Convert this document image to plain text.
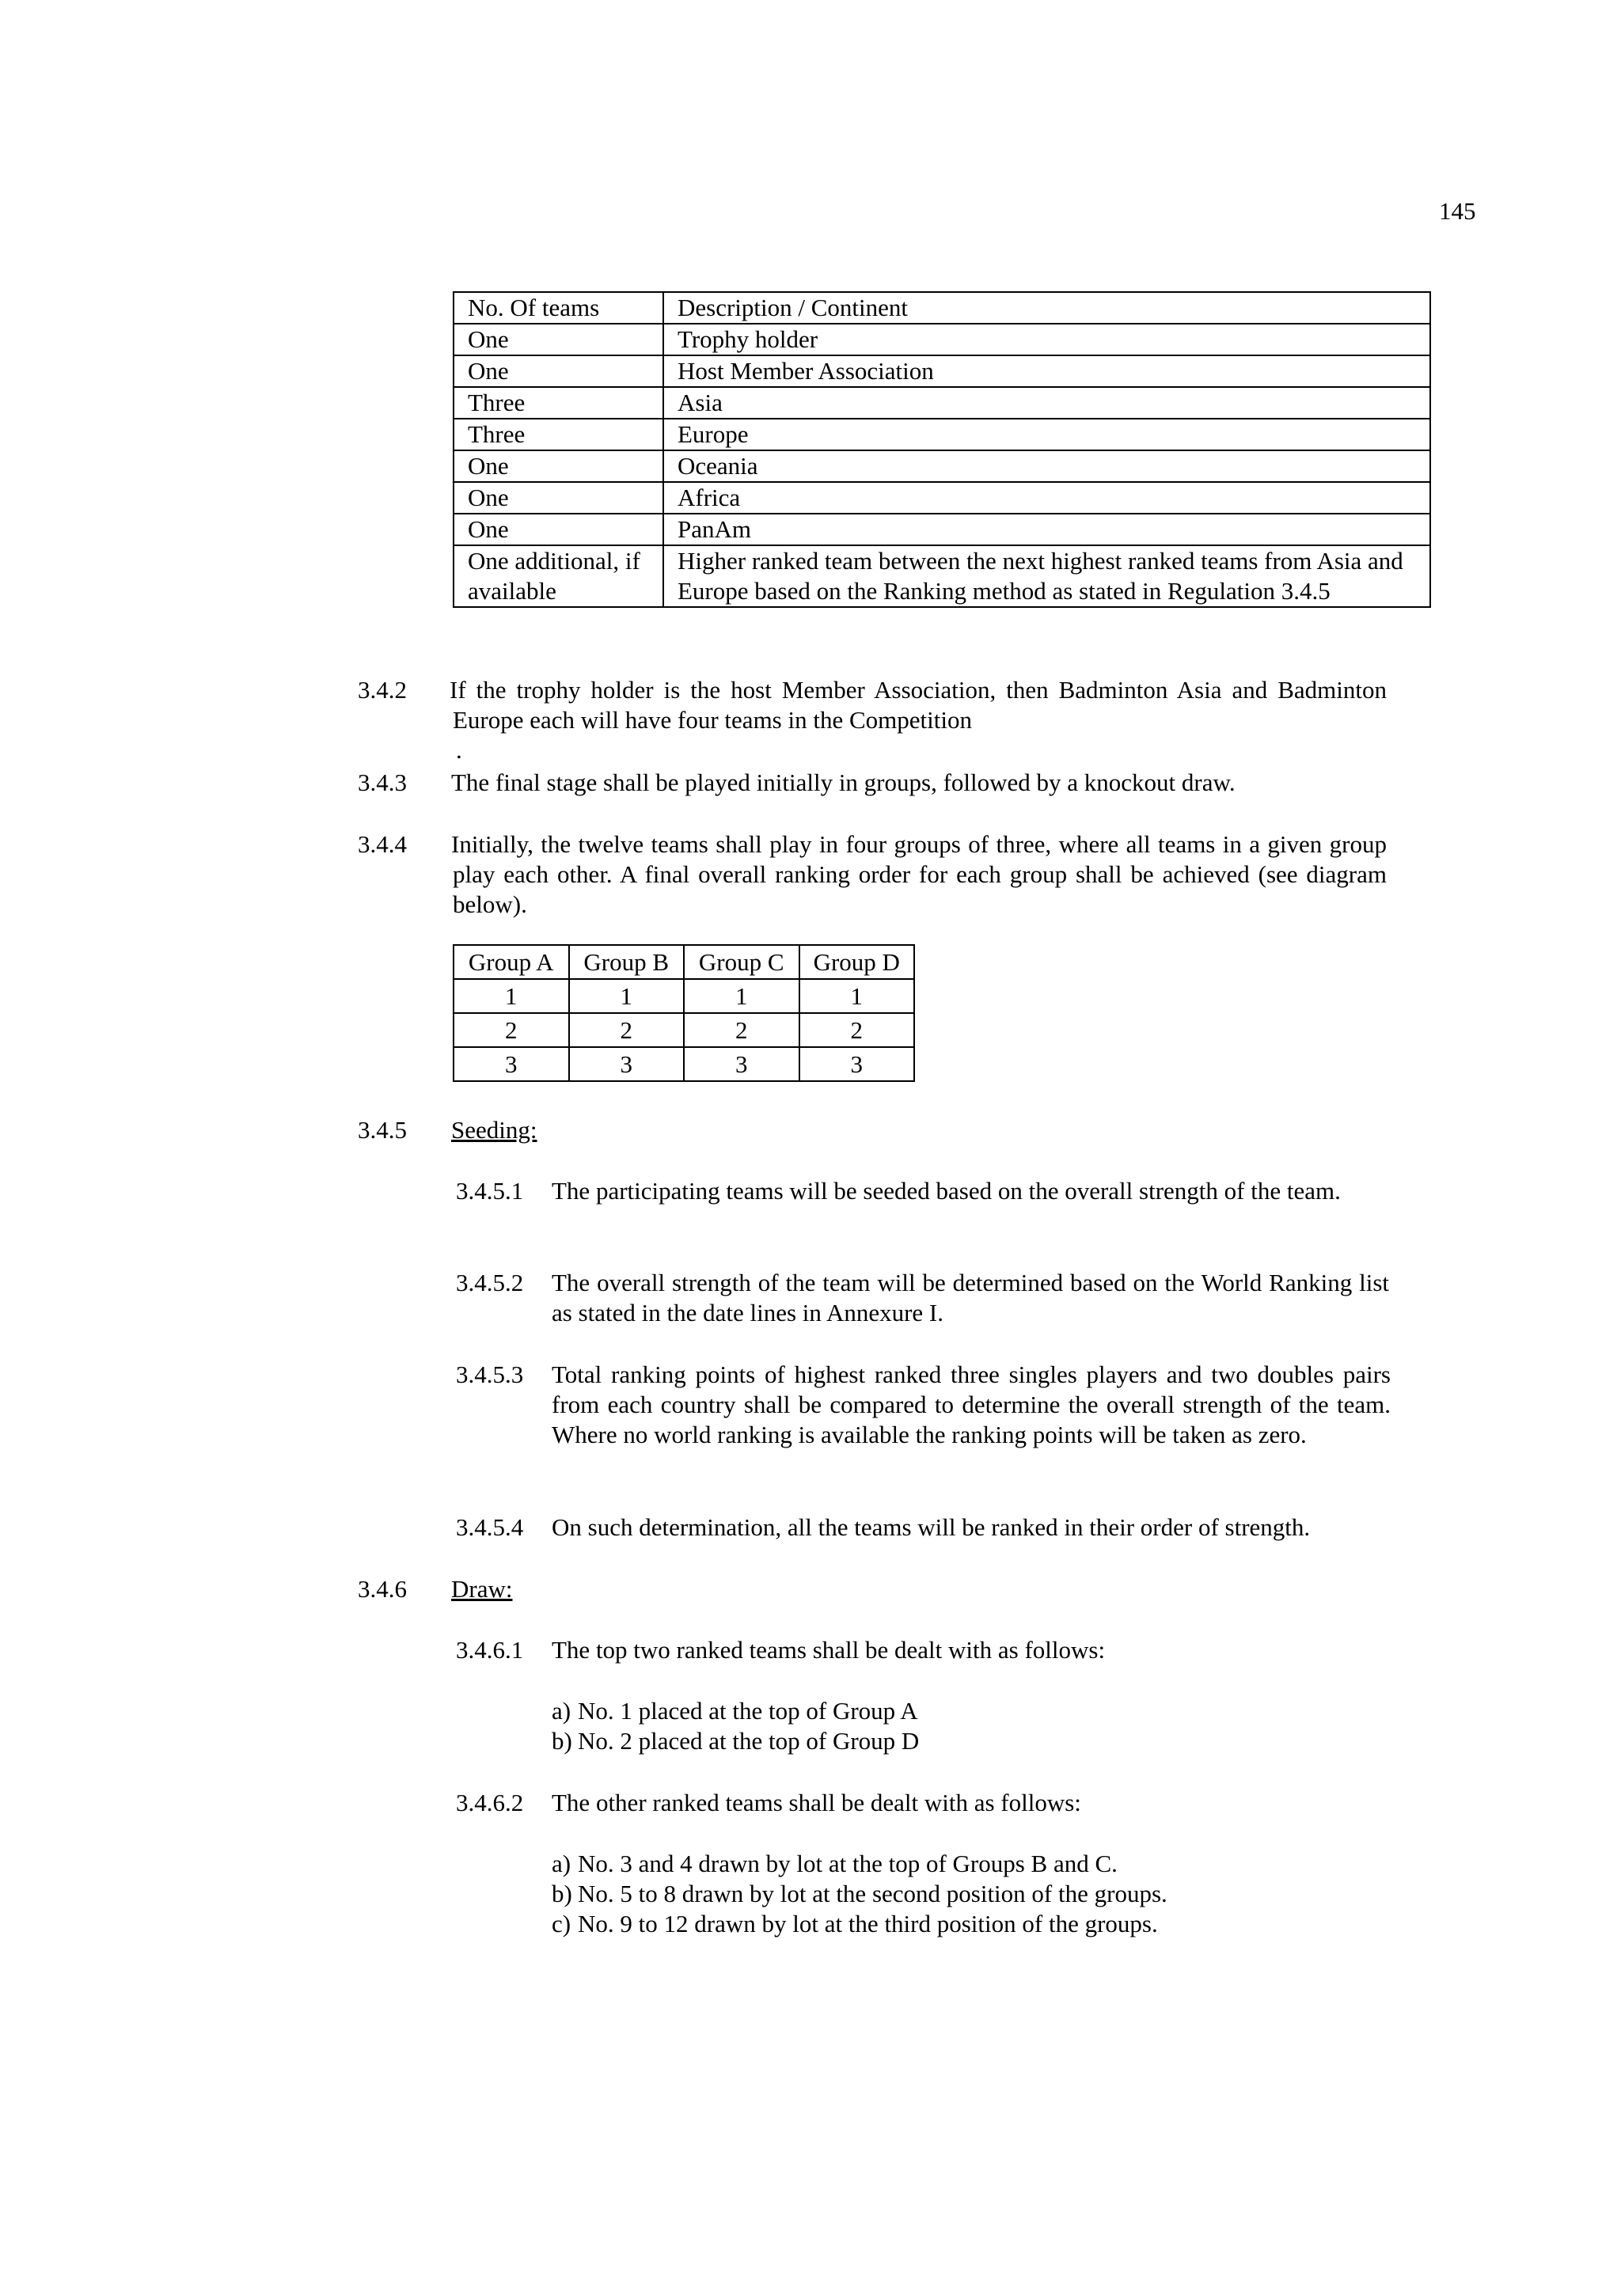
145
No. Of teams	Description / Continent
One	Trophy holder
One	Host Member Association
Three	Asia
Three	Europe
One	Oceania
One	Africa
One	PanAm
One additional, if available	Higher ranked team between the next highest ranked teams from Asia and Europe based on the Ranking method as stated in Regulation 3.4.5
3.4.2 If the trophy holder is the host Member Association, then Badminton Asia and Badminton Europe each will have four teams in the Competition
.
3.4.3 The final stage shall be played initially in groups, followed by a knockout draw.
3.4.4 Initially, the twelve teams shall play in four groups of three, where all teams in a given group play each other. A final overall ranking order for each group shall be achieved (see diagram below).
Group A	Group B	Group C	Group D
1	1	1	1
2	2	2	2
3	3	3	3
3.4.5 Seeding:
3.4.5.1 The participating teams will be seeded based on the overall strength of the team.
3.4.5.2 The overall strength of the team will be determined based on the World Ranking list as stated in the date lines in Annexure I.
3.4.5.3 Total ranking points of highest ranked three singles players and two doubles pairs from each country shall be compared to determine the overall strength of the team. Where no world ranking is available the ranking points will be taken as zero.
3.4.5.4 On such determination, all the teams will be ranked in their order of strength.
3.4.6 Draw:
3.4.6.1 The top two ranked teams shall be dealt with as follows:
a) No. 1 placed at the top of Group A
b) No. 2 placed at the top of Group D
3.4.6.2 The other ranked teams shall be dealt with as follows:
a) No. 3 and 4 drawn by lot at the top of Groups B and C.
b) No. 5 to 8 drawn by lot at the second position of the groups.
c) No. 9 to 12 drawn by lot at the third position of the groups.
